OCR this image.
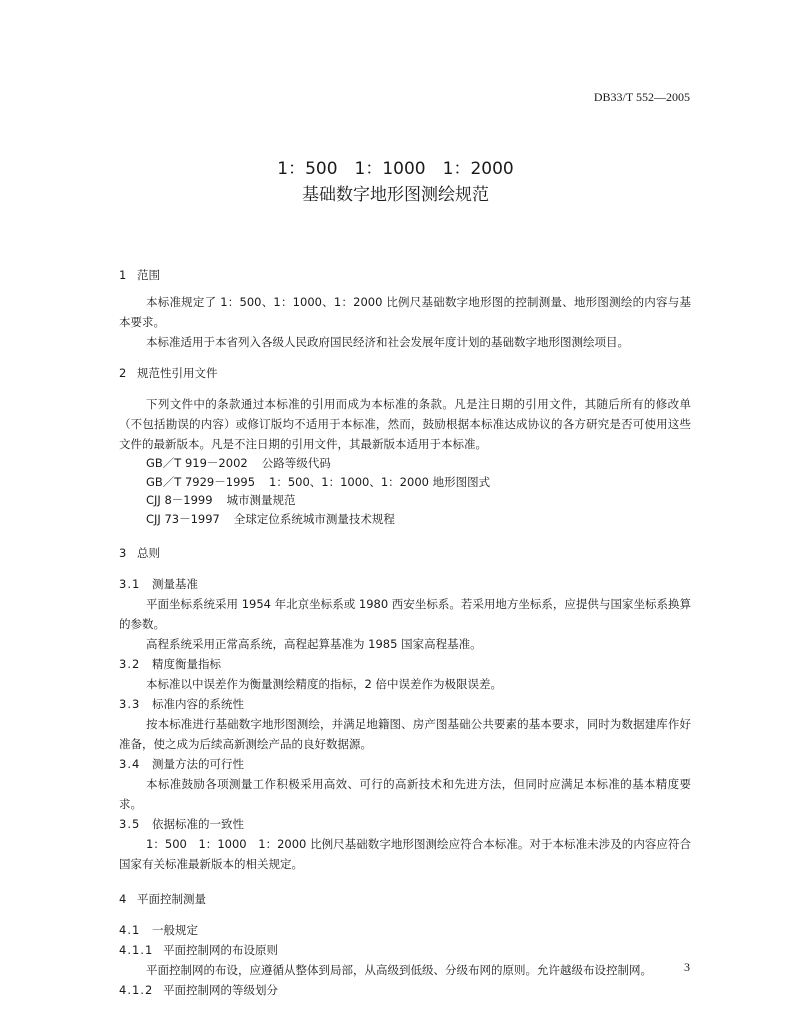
DB33/T 552—2005
1：500　1：1000　1：2000
基础数字地形图测绘规范
1 范围
本标准规定了 1：500、1：1000、1：2000 比例尺基础数字地形图的控制测量、地形图测绘的内容与基本要求。
本标准适用于本省列入各级人民政府国民经济和社会发展年度计划的基础数字地形图测绘项目。
2 规范性引用文件
下列文件中的条款通过本标准的引用而成为本标准的条款。凡是注日期的引用文件，其随后所有的修改单（不包括勘误的内容）或修订版均不适用于本标准，然而，鼓励根据本标准达成协议的各方研究是否可使用这些文件的最新版本。凡是不注日期的引用文件，其最新版本适用于本标准。
GB／T 919－2002 公路等级代码
GB／T 7929－1995 1：500、1：1000、1：2000 地形图图式
CJJ 8－1999 城市测量规范
CJJ 73－1997 全球定位系统城市测量技术规程
3 总则
3.1 测量基准
平面坐标系统采用 1954 年北京坐标系或 1980 西安坐标系。若采用地方坐标系，应提供与国家坐标系换算的参数。
高程系统采用正常高系统，高程起算基准为 1985 国家高程基准。
3.2 精度衡量指标
本标准以中误差作为衡量测绘精度的指标，2 倍中误差作为极限误差。
3.3 标准内容的系统性
按本标准进行基础数字地形图测绘，并满足地籍图、房产图基础公共要素的基本要求，同时为数据建库作好准备，使之成为后续高新测绘产品的良好数据源。
3.4 测量方法的可行性
本标准鼓励各项测量工作积极采用高效、可行的高新技术和先进方法，但同时应满足本标准的基本精度要求。
3.5 依据标准的一致性
1：500　1：1000　1：2000 比例尺基础数字地形图测绘应符合本标准。对于本标准未涉及的内容应符合国家有关标准最新版本的相关规定。
4 平面控制测量
4.1 一般规定
4.1.1 平面控制网的布设原则
平面控制网的布设，应遵循从整体到局部，从高级到低级、分级布网的原则。允许越级布设控制网。
4.1.2 平面控制网的等级划分
3
